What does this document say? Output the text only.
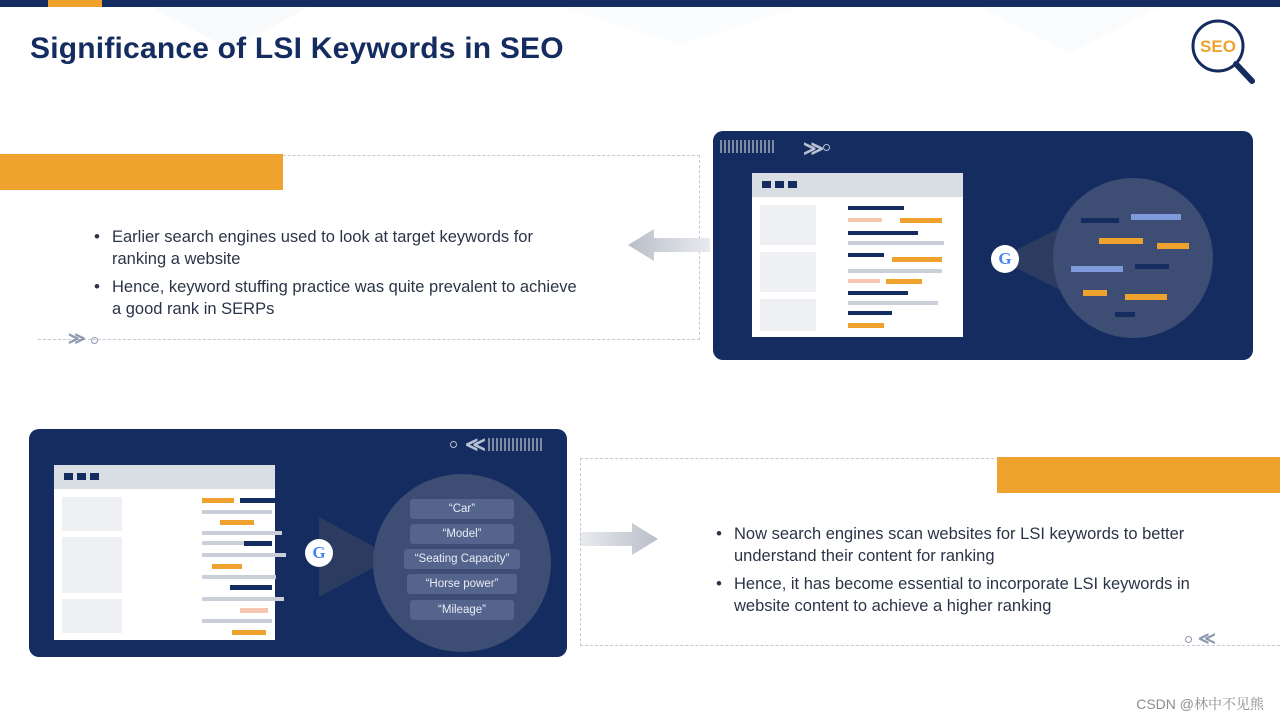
Significance of LSI Keywords in SEO	SEO
• Earlier search engines used to look at target keywords for ranking a website
• Hence, keyword stuffing practice was quite prevalent to achieve a good rank in SERPs
≫
≫
G
≪
“Car”
“Model”
“Seating Capacity”
“Horse power”
“Mileage”
G
• Now search engines scan websites for LSI keywords to better understand their content for ranking
• Hence, it has become essential to incorporate LSI keywords in website content to achieve a higher ranking
≪
CSDN @林中不见熊
